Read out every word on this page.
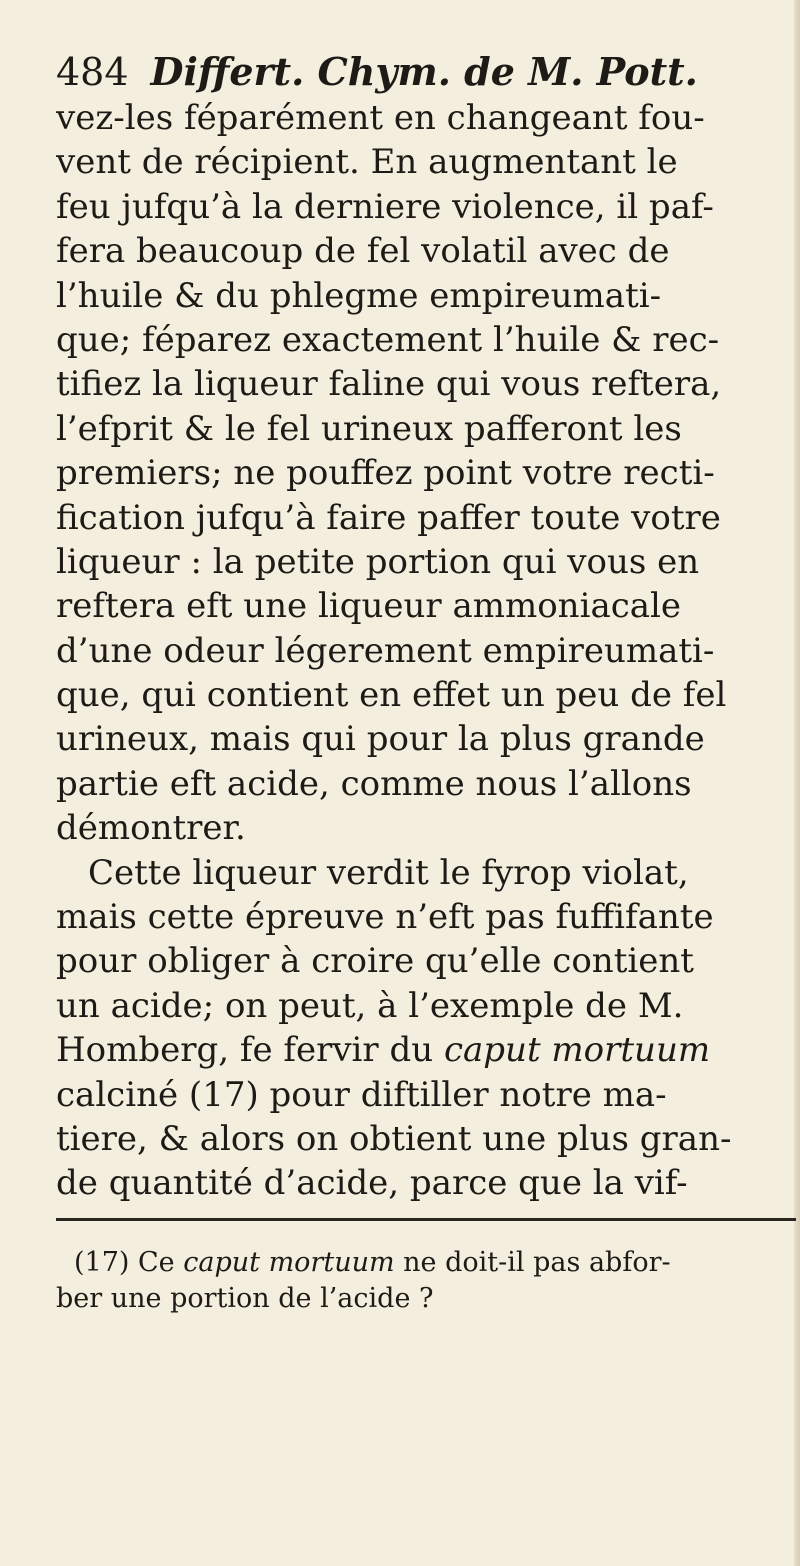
484 Differt. Chym. de M. Pott.
vez-les féparément en changeant fou-
vent de récipient. En augmentant le
feu jufqu’à la derniere violence, il paf-
fera beaucoup de fel volatil avec de
l’huile & du phlegme empireumati-
que; féparez exactement l’huile & rec-
tifiez la liqueur faline qui vous reftera,
l’efprit & le fel urineux pafferont les
premiers; ne pouffez point votre recti-
fication jufqu’à faire paffer toute votre
liqueur : la petite portion qui vous en
reftera eft une liqueur ammoniacale
d’une odeur légerement empireumati-
que, qui contient en effet un peu de fel
urineux, mais qui pour la plus grande
partie eft acide, comme nous l’allons
démontrer.
Cette liqueur verdit le fyrop violat,
mais cette épreuve n’eft pas fuffifante
pour obliger à croire qu’elle contient
un acide; on peut, à l’exemple de M.
Homberg, fe fervir du caput mortuum
calciné (17) pour diftiller notre ma-
tiere, & alors on obtient une plus gran-
de quantité d’acide, parce que la vif-
(17) Ce caput mortuum ne doit-il pas abfor-
ber une portion de l’acide ?
